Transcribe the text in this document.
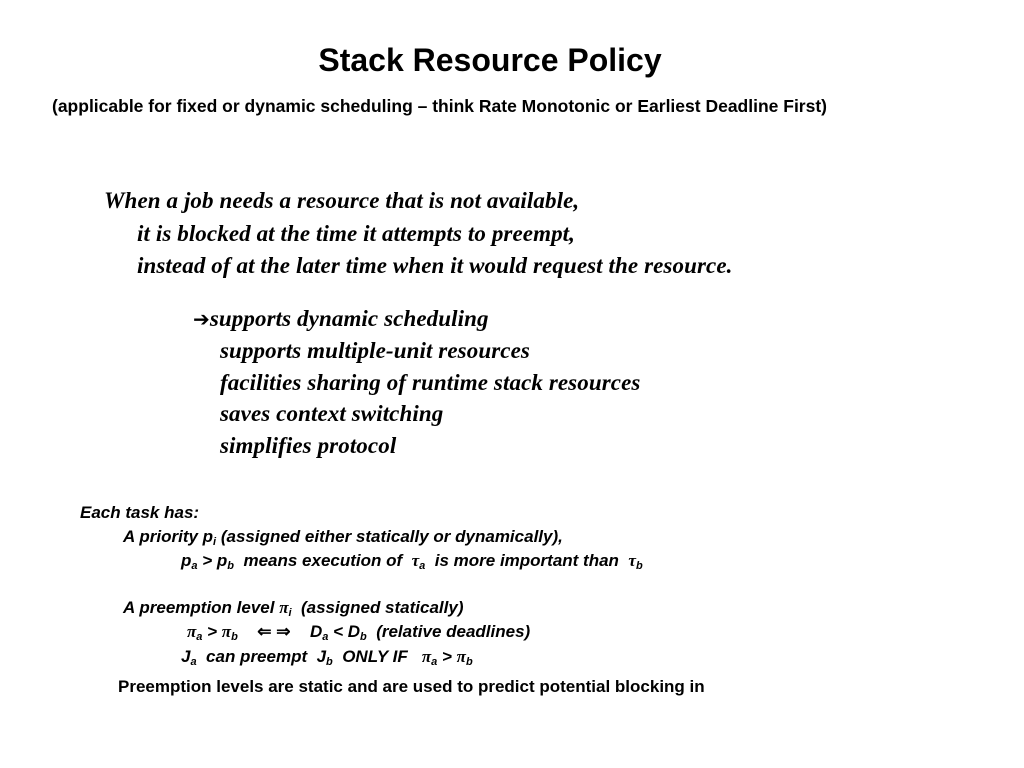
Stack Resource Policy
(applicable for fixed or dynamic scheduling – think Rate Monotonic or Earliest Deadline First)
When a job needs a resource that is not available,
it is blocked at the time it attempts to preempt,
instead of at the later time when it would request the resource.
➔supports dynamic scheduling
supports multiple-unit resources
facilities sharing of runtime stack resources
saves context switching
simplifies protocol
Each task has:
A priority $p_i$ (assigned either statically or dynamically),
$p_a > p_b$  means execution of  $\tau_a$  is more important than  $\tau_b$
A preemption level $\pi_i$  (assigned statically)
$\pi_a > \pi_b$ ⇐ ⇒ $D_a < D_b$  (relative deadlines)
$J_a$  can preempt  $J_b$  ONLY IF   $\pi_a > \pi_b$
Preemption levels are static and are used to predict potential blocking in
